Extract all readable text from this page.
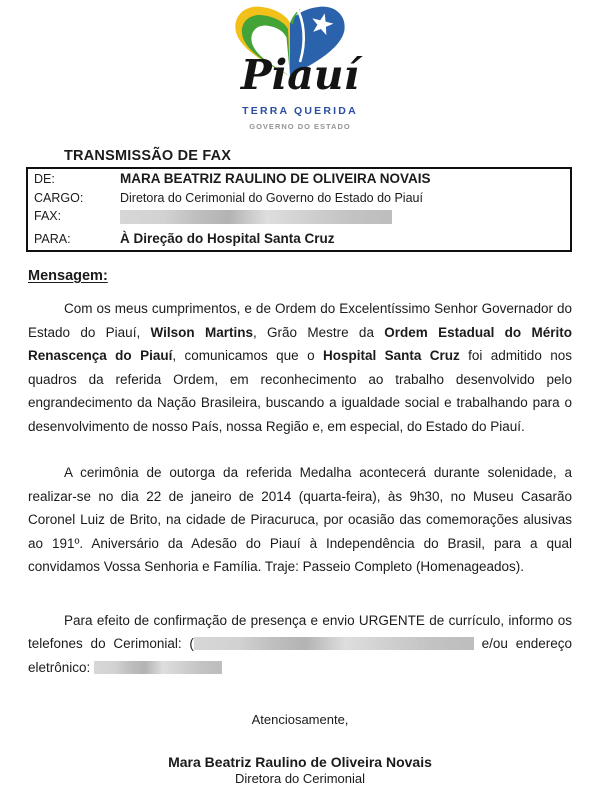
Piauí
TERRA QUERIDA
GOVERNO DO ESTADO
TRANSMISSÃO DE FAX
DE:	MARA BEATRIZ RAULINO DE OLIVEIRA NOVAIS
CARGO:	Diretora do Cerimonial do Governo do Estado do Piauí
FAX:
PARA:	À Direção do Hospital Santa Cruz
Mensagem:

Com os meus cumprimentos, e de Ordem do Excelentíssimo Senhor Governador do Estado do Piauí, Wilson Martins, Grão Mestre da Ordem Estadual do Mérito Renascença do Piauí, comunicamos que o Hospital Santa Cruz foi admitido nos quadros da referida Ordem, em reconhecimento ao trabalho desenvolvido pelo engrandecimento da Nação Brasileira, buscando a igualdade social e trabalhando para o desenvolvimento de nosso País, nossa Região e, em especial, do Estado do Piauí.

A cerimônia de outorga da referida Medalha acontecerá durante solenidade, a realizar-se no dia 22 de janeiro de 2014 (quarta-feira), às 9h30, no Museu Casarão Coronel Luiz de Brito, na cidade de Piracuruca, por ocasião das comemorações alusivas ao 191º. Aniversário da Adesão do Piauí à Independência do Brasil, para a qual convidamos Vossa Senhoria e Família. Traje: Passeio Completo (Homenageados).

Para efeito de confirmação de presença e envio URGENTE de currículo, informo os telefones do Cerimonial: (	e/ou endereço eletrônico:

Atenciosamente,
Mara Beatriz Raulino de Oliveira Novais
Diretora do Cerimonial
